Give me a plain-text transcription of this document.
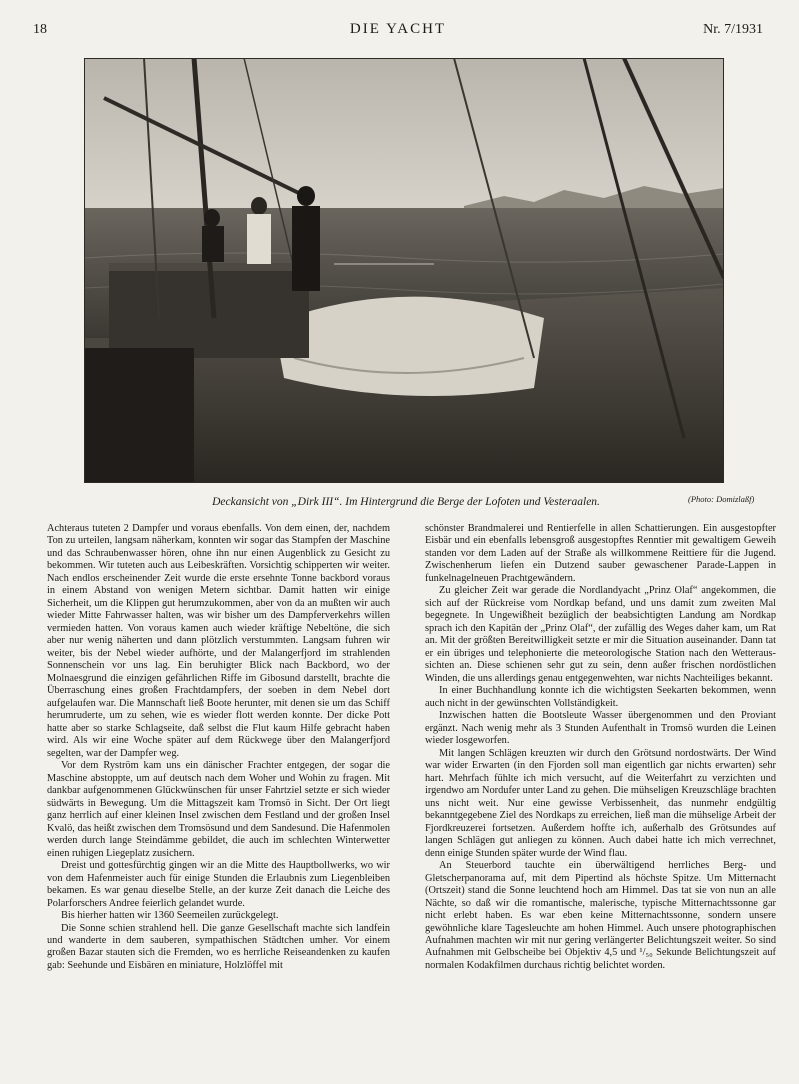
18	DIE YACHT	Nr. 7/1931
Deckansicht von „Dirk III“. Im Hintergrund die Berge der Lofoten und Vesteraalen.	(Photo: Domizlaßf)

Achteraus tuteten 2 Dampfer und voraus ebenfalls. Von dem einen, der, nachdem Ton zu urteilen, langsam näherkam, konnten wir sogar das Stampfen der Maschine und das Schraubenwasser hören, ohne ihn nur einen Augenblick zu Gesicht zu bekommen. Wir tuteten auch aus Leibeskräften. Vorsichtig schipperten wir weiter. Nach endlos erscheinender Zeit wurde die erste ersehnte Tonne backbord voraus in einem Abstand von wenigen Metern sichtbar. Damit hatten wir einige Sicherheit, um die Klippen gut herumzukommen, aber von da an mußten wir auch wieder Mitte Fahrwasser halten, was wir bisher um des Dampferverkehrs willen vermieden hatten. Von voraus kamen auch wieder kräftige Nebeltöne, die sich aber nur wenig näherten und dann plötzlich verstummten. Langsam fuhren wir weiter, bis der Nebel wieder aufhörte, und der Malangerfjord im strahlenden Sonnenschein vor uns lag. Ein beruhigter Blick nach Backbord, wo der Molnaesgrund die einzigen gefährlichen Riffe im Gibosund darstellt, brachte die Überraschung eines großen Frachtdampfers, der soeben in dem Nebel dort aufgelaufen war. Die Mannschaft ließ Boote herunter, mit denen sie um das Schiff herumruderte, um zu sehen, wie es wieder flott werden konnte. Der dicke Pott hatte aber so starke Schlagseite, daß selbst die Flut kaum Hilfe gebracht haben wird. Als wir eine Woche später auf dem Rückwege über den Malangerfjord segelten, war der Dampfer weg.

Vor dem Ryström kam uns ein dänischer Frachter entgegen, der sogar die Maschine abstoppte, um auf deutsch nach dem Woher und Wohin zu fragen. Mit dankbar aufgenommenen Glückwünschen für unser Fahrtziel setzte er sich wieder südwärts in Bewegung. Um die Mittagszeit kam Tromsö in Sicht. Der Ort liegt ganz herrlich auf einer kleinen Insel zwischen dem Festland und der großen Insel Kvalö, das heißt zwischen dem Tromsösund und dem Sandesund. Die Hafenmolen werden durch lange Steindämme gebildet, die auch im schlechten Winterwetter einen ruhigen Liegeplatz zusichern.

Dreist und gottesfürchtig gingen wir an die Mitte des Hauptbollwerks, wo wir von dem Hafenmeister auch für einige Stunden die Erlaubnis zum Liegenbleiben bekamen. Es war genau dieselbe Stelle, an der kurze Zeit danach die Leiche des Polarforschers Andree feierlich gelandet wurde.

Bis hierher hatten wir 1360 Seemeilen zurückgelegt.

Die Sonne schien strahlend hell. Die ganze Gesellschaft machte sich landfein und wanderte in dem sauberen, sympathischen Städtchen umher. Vor einem großen Bazar stauten sich die Fremden, wo es herrliche Reiseandenken zu kaufen gab: Seehunde und Eisbären en miniature, Holzlöffel mit

schönster Brandmalerei und Rentierfelle in allen Schattierungen. Ein ausgestopfter Eisbär und ein ebenfalls lebensgroß ausgestopftes Renntier mit gewaltigem Geweih standen vor dem Laden auf der Straße als willkommene Reittiere für die Jugend. Zwischenherum liefen ein Dutzend sauber gewaschener Parade-Lappen in funkelnagelneuen Prachtgewändern.

Zu gleicher Zeit war gerade die Nordlandyacht „Prinz Olaf“ angekommen, die sich auf der Rückreise vom Nordkap befand, und uns damit zum zweiten Mal begegnete. In Ungewißheit bezüglich der beabsichtigten Landung am Nordkap sprach ich den Kapitän der „Prinz Olaf“, der zufällig des Weges daher kam, um Rat an. Mit der größten Bereitwilligkeit setzte er mir die Situation auseinander. Dann tat er ein übriges und telephonierte die meteorologische Station nach den Wetteraussichten an. Diese schienen sehr gut zu sein, denn außer frischen nordöstlichen Winden, die uns allerdings genau entgegenwehten, war nichts Nachteiliges bekannt.

In einer Buchhandlung konnte ich die wichtigsten Seekarten bekommen, wenn auch nicht in der gewünschten Vollständigkeit.

Inzwischen hatten die Bootsleute Wasser übergenommen und den Proviant ergänzt. Nach wenig mehr als 3 Stunden Aufenthalt in Tromsö wurden die Leinen wieder losgeworfen.

Mit langen Schlägen kreuzten wir durch den Grötsund nordostwärts. Der Wind war wider Erwarten (in den Fjorden soll man eigentlich gar nichts erwarten) sehr hart. Mehrfach fühlte ich mich versucht, auf die Weiterfahrt zu verzichten und irgendwo am Nordufer unter Land zu gehen. Die mühseligen Kreuzschläge brachten uns nicht weit. Nur eine gewisse Verbissenheit, das nunmehr endgültig bekanntgegebene Ziel des Nordkaps zu erreichen, ließ man die mühselige Arbeit der Fjordkreuzerei fortsetzen. Außerdem hoffte ich, außerhalb des Grötsundes auf langen Schlägen gut anliegen zu können. Auch dabei hatte ich mich verrechnet, denn einige Stunden später wurde der Wind flau.

An Steuerbord tauchte ein überwältigend herrliches Berg- und Gletscherpanorama auf, mit dem Pipertind als höchste Spitze. Um Mitternacht (Ortszeit) stand die Sonne leuchtend hoch am Himmel. Das tat sie von nun an alle Nächte, so daß wir die romantische, malerische, typische Mitternachtssonne gar nicht erlebt haben. Es war eben keine Mitternachtssonne, sondern unsere gewöhnliche klare Tagesleuchte am hohen Himmel. Auch unsere photographischen Aufnahmen machten wir mit nur gering verlängerter Belichtungszeit weiter. So sind Aufnahmen mit Gelbscheibe bei Objektiv 4,5 und ¹/₅₀ Sekunde Belichtungszeit auf normalen Kodakfilmen durchaus richtig belichtet worden.
